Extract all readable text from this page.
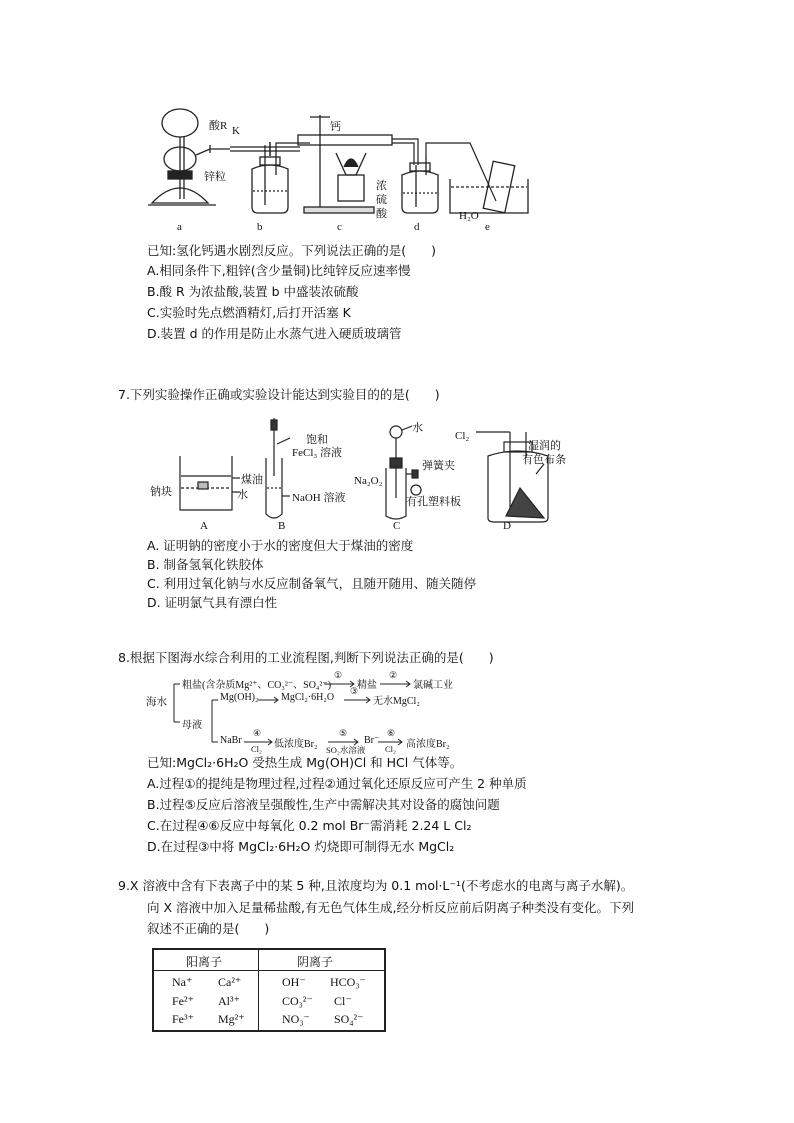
酸R K
锌粒
钙
浓
硫
酸	H₂O
a	b	c	d	e
已知:氢化钙遇水剧烈反应。下列说法正确的是(　　)
A.相同条件下,粗锌(含少量铜)比纯锌反应速率慢
B.酸 R 为浓盐酸,装置 b 中盛装浓硫酸
C.实验时先点燃酒精灯,后打开活塞 K
D.装置 d 的作用是防止水蒸气进入硬质玻璃管
7.下列实验操作正确或实验设计能达到实验目的的是(　　)
钠块
煤油
水
饱和
FeCl₃ 溶液
NaOH 溶液
水
弹簧夹
Na₂O₂
有孔塑料板
Cl₂
湿润的
有色布条
A	B	C	D
A. 证明钠的密度小于水的密度但大于煤油的密度
B. 制备氢氧化铁胶体
C. 利用过氧化钠与水反应制备氧气，且随开随用、随关随停
D. 证明氯气具有漂白性
8.根据下图海水综合利用的工业流程图,判断下列说法正确的是(　　)
海水
粗盐(含杂质Mg²⁺、CO₃²⁻、SO₄²⁻)
①
精盐
②
氯碱工业
母液
Mg(OH)₂ MgCl₂·6H₂O
③
无水MgCl₂
NaBr
④
Cl₂ 低浓度Br₂
⑤
SO₂水溶液
Br⁻
⑥
Cl₂ 高浓度Br₂
已知:MgCl₂·6H₂O 受热生成 Mg(OH)Cl 和 HCl 气体等。
A.过程①的提纯是物理过程,过程②通过氧化还原反应可产生 2 种单质
B.过程⑤反应后溶液呈强酸性,生产中需解决其对设备的腐蚀问题
C.在过程④⑥反应中每氧化 0.2 mol Br⁻需消耗 2.24 L Cl₂
D.在过程③中将 MgCl₂·6H₂O 灼烧即可制得无水 MgCl₂
9.X 溶液中含有下表离子中的某 5 种,且浓度均为 0.1 mol·L⁻¹(不考虑水的电离与离子水解)。
向 X 溶液中加入足量稀盐酸,有无色气体生成,经分析反应前后阴离子种类没有变化。下列
叙述不正确的是(　　)
阳离子	阴离子
Na⁺ Ca²⁺	OH⁻ HCO₃⁻
Fe²⁺ Al³⁺	CO₃²⁻ Cl⁻
Fe³⁺ Mg²⁺	NO₃⁻ SO₄²⁻
